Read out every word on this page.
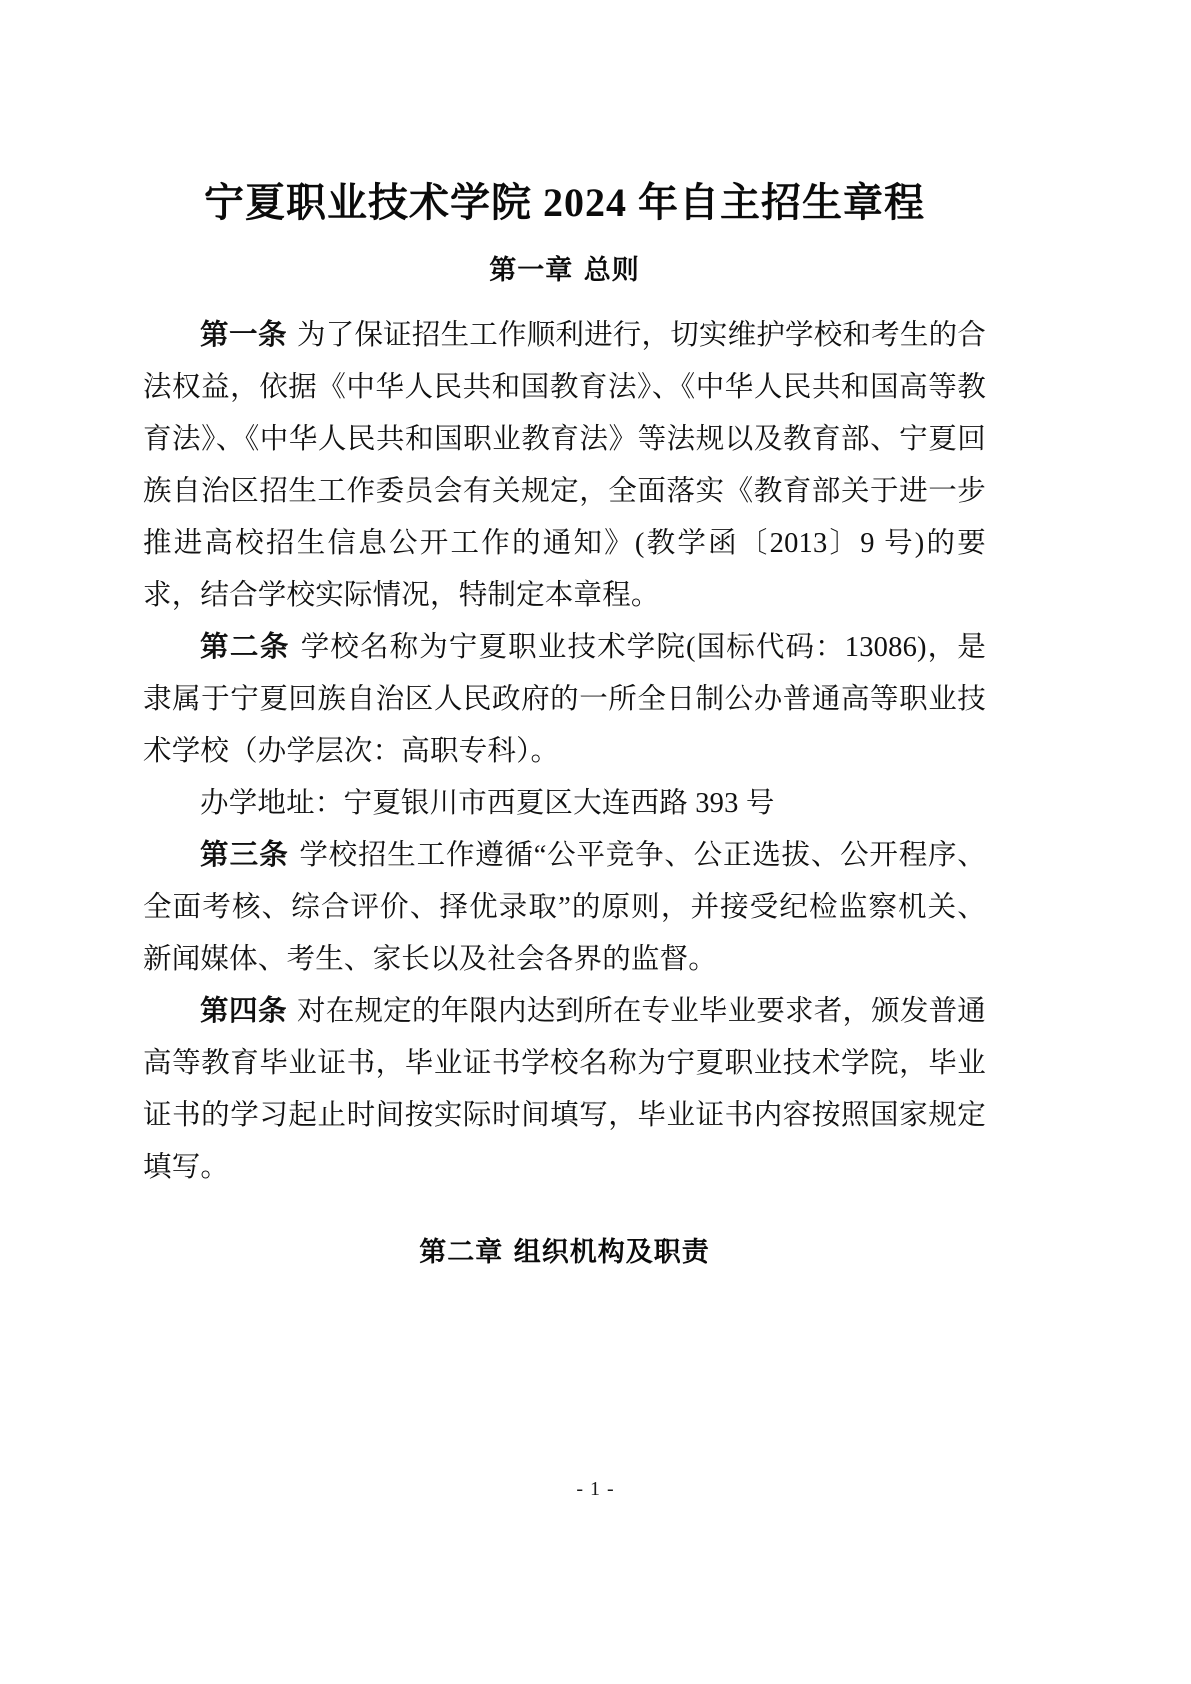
宁夏职业技术学院 2024 年自主招生章程
第一章 总则

第一条 为了保证招生工作顺利进行，切实维护学校和考生的合法权益，依据《中华人民共和国教育法》、《中华人民共和国高等教育法》、《中华人民共和国职业教育法》等法规以及教育部、宁夏回族自治区招生工作委员会有关规定，全面落实《教育部关于进一步推进高校招生信息公开工作的通知》(教学函〔2013〕9 号)的要求，结合学校实际情况，特制定本章程。

第二条 学校名称为宁夏职业技术学院(国标代码：13086)，是隶属于宁夏回族自治区人民政府的一所全日制公办普通高等职业技术学校（办学层次：高职专科）。

办学地址：宁夏银川市西夏区大连西路 393 号

第三条 学校招生工作遵循“公平竞争、公正选拔、公开程序、全面考核、综合评价、择优录取”的原则，并接受纪检监察机关、新闻媒体、考生、家长以及社会各界的监督。

第四条 对在规定的年限内达到所在专业毕业要求者，颁发普通高等教育毕业证书，毕业证书学校名称为宁夏职业技术学院，毕业证书的学习起止时间按实际时间填写，毕业证书内容按照国家规定填写。

第二章 组织机构及职责
- 1 -
